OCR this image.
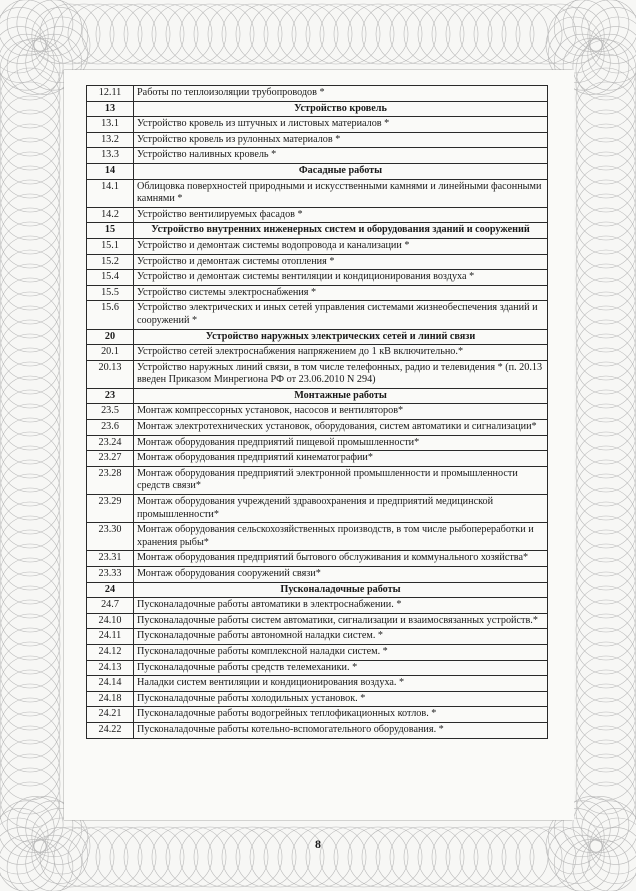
12.11	Работы по теплоизоляции трубопроводов *
13	Устройство кровель
13.1	Устройство кровель из штучных и листовых материалов *
13.2	Устройство кровель из рулонных материалов *
13.3	Устройство наливных кровель *
14	Фасадные работы
14.1	Облицовка поверхностей природными и искусственными камнями и линейными фасонными камнями *
14.2	Устройство вентилируемых фасадов *
15	Устройство внутренних инженерных систем и оборудования зданий и сооружений
15.1	Устройство и демонтаж системы водопровода и канализации *
15.2	Устройство и демонтаж системы отопления *
15.4	Устройство и демонтаж системы вентиляции и кондиционирования воздуха *
15.5	Устройство системы электроснабжения *
15.6	Устройство электрических и иных сетей управления системами жизнеобеспечения зданий и сооружений *
20	Устройство наружных электрических сетей и линий связи
20.1	Устройство сетей электроснабжения напряжением до 1 кВ включительно.*
20.13	Устройство наружных линий связи, в том числе телефонных, радио и телевидения * (п. 20.13 введен Приказом Минрегиона РФ от 23.06.2010 N 294)
23	Монтажные работы
23.5	Монтаж компрессорных установок, насосов и вентиляторов*
23.6	Монтаж электротехнических установок, оборудования, систем автоматики и сигнализации*
23.24	Монтаж оборудования предприятий пищевой промышленности*
23.27	Монтаж оборудования предприятий кинематографии*
23.28	Монтаж оборудования предприятий электронной промышленности и промышленности средств связи*
23.29	Монтаж оборудования учреждений здравоохранения и предприятий медицинской промышленности*
23.30	Монтаж оборудования сельскохозяйственных производств, в том числе рыбопереработки и хранения рыбы*
23.31	Монтаж оборудования предприятий бытового обслуживания и коммунального хозяйства*
23.33	Монтаж оборудования сооружений связи*
24	Пусконаладочные работы
24.7	Пусконаладочные работы автоматики в электроснабжении. *
24.10	Пусконаладочные работы систем автоматики, сигнализации и взаимосвязанных устройств.*
24.11	Пусконаладочные работы автономной наладки систем. *
24.12	Пусконаладочные работы комплексной наладки систем. *
24.13	Пусконаладочные работы средств телемеханики. *
24.14	Наладки систем вентиляции и кондиционирования воздуха. *
24.18	Пусконаладочные работы холодильных установок. *
24.21	Пусконаладочные работы водогрейных теплофикационных котлов. *
24.22	Пусконаладочные работы котельно-вспомогательного оборудования. *
8
